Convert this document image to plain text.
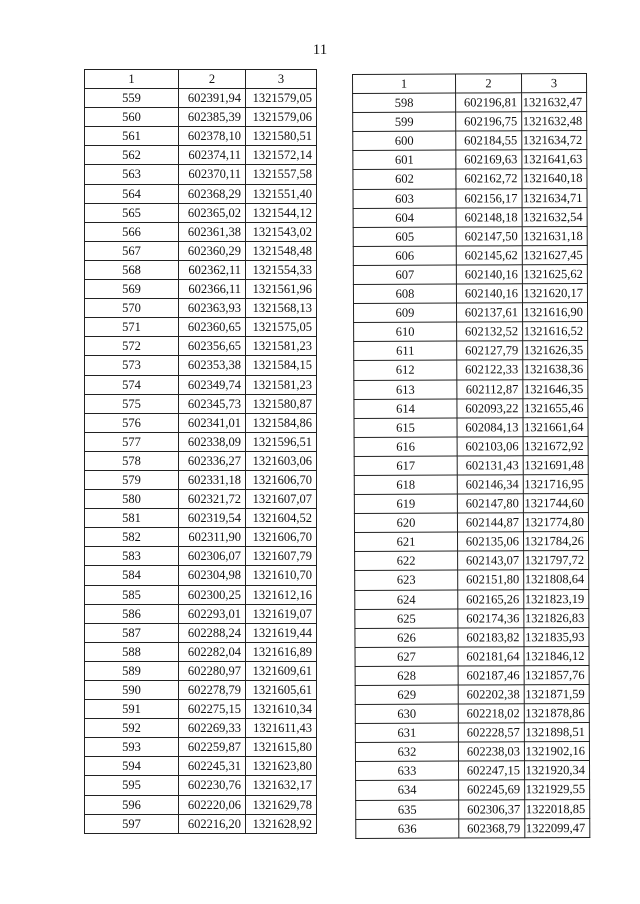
11
1	2	3
559	602391,94	1321579,05
560	602385,39	1321579,06
561	602378,10	1321580,51
562	602374,11	1321572,14
563	602370,11	1321557,58
564	602368,29	1321551,40
565	602365,02	1321544,12
566	602361,38	1321543,02
567	602360,29	1321548,48
568	602362,11	1321554,33
569	602366,11	1321561,96
570	602363,93	1321568,13
571	602360,65	1321575,05
572	602356,65	1321581,23
573	602353,38	1321584,15
574	602349,74	1321581,23
575	602345,73	1321580,87
576	602341,01	1321584,86
577	602338,09	1321596,51
578	602336,27	1321603,06
579	602331,18	1321606,70
580	602321,72	1321607,07
581	602319,54	1321604,52
582	602311,90	1321606,70
583	602306,07	1321607,79
584	602304,98	1321610,70
585	602300,25	1321612,16
586	602293,01	1321619,07
587	602288,24	1321619,44
588	602282,04	1321616,89
589	602280,97	1321609,61
590	602278,79	1321605,61
591	602275,15	1321610,34
592	602269,33	1321611,43
593	602259,87	1321615,80
594	602245,31	1321623,80
595	602230,76	1321632,17
596	602220,06	1321629,78
597	602216,20	1321628,92
1	2	3
598	602196,81	1321632,47
599	602196,75	1321632,48
600	602184,55	1321634,72
601	602169,63	1321641,63
602	602162,72	1321640,18
603	602156,17	1321634,71
604	602148,18	1321632,54
605	602147,50	1321631,18
606	602145,62	1321627,45
607	602140,16	1321625,62
608	602140,16	1321620,17
609	602137,61	1321616,90
610	602132,52	1321616,52
611	602127,79	1321626,35
612	602122,33	1321638,36
613	602112,87	1321646,35
614	602093,22	1321655,46
615	602084,13	1321661,64
616	602103,06	1321672,92
617	602131,43	1321691,48
618	602146,34	1321716,95
619	602147,80	1321744,60
620	602144,87	1321774,80
621	602135,06	1321784,26
622	602143,07	1321797,72
623	602151,80	1321808,64
624	602165,26	1321823,19
625	602174,36	1321826,83
626	602183,82	1321835,93
627	602181,64	1321846,12
628	602187,46	1321857,76
629	602202,38	1321871,59
630	602218,02	1321878,86
631	602228,57	1321898,51
632	602238,03	1321902,16
633	602247,15	1321920,34
634	602245,69	1321929,55
635	602306,37	1322018,85
636	602368,79	1322099,47
